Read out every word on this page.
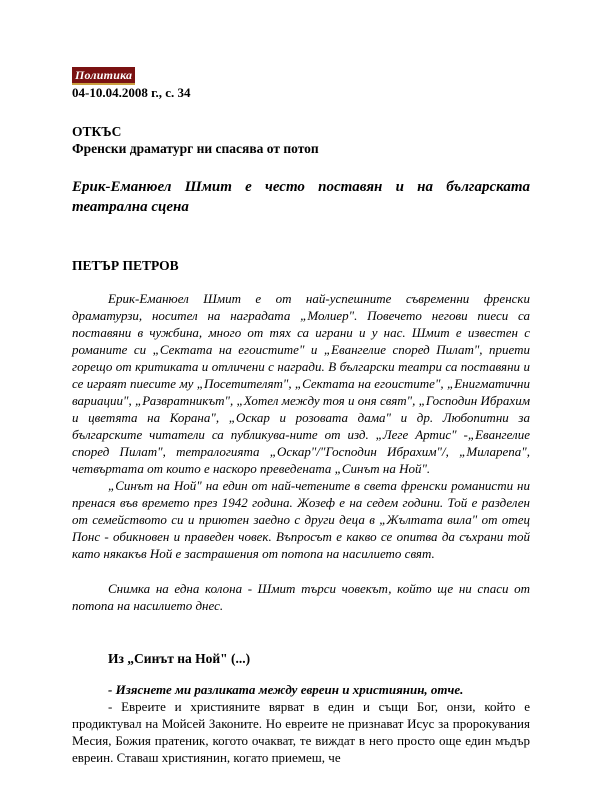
Политика
04-10.04.2008 г., с. 34
ОТКЪС
Френски драматург ни спасява от потоп
Ерик-Еманюел Шмит е често поставян и на българската театрална сцена
ПЕТЪР ПЕТРОВ

Ерик-Еманюел Шмит е от най-успешните съвременни френски драматурзи, носител на наградата „Молиер". Повечето негови пиеси са поставяни в чужбина, много от тях са играни и у нас. Шмит е известен с романите си „Сектата на егоистите" и „Евангелие според Пилат", приети горещо от критиката и отличени с награди. В български театри са поставяни и се играят пиесите му „Посетителят", „Сектата на егоистите", „Енигматични вариации", „Развратникът", „Хотел между тоя и оня свят", „Господин Ибрахим и цветята на Корана", „Оскар и розовата дама" и др. Любопитни за българските читатели са публикува-ните от изд. „Леге Артис" -„Евангелие според Пилат", тетралогията „Оскар"/"Господин Ибрахим"/, „Миларепа", четвъртата от които е наскоро преведената „Синът на Ной".

„Синът на Ной" на един от най-четените в света френски романисти ни пренася във времето през 1942 година. Жозеф е на седем години. Той е разделен от семейството си и приютен заедно с други деца в „Жълтата вила" от отец Понс - обикновен и праведен човек. Въпросът е какво се опитва да съхрани той като някакъв Ной е застрашения от потопа на насилието свят.

Снимка на една колона - Шмит търси човекът, който ще ни спаси от потопа на насилието днес.

Из „Синът на Ной" (...)
- Изяснете ми разликата между евреин и християнин, отче.

- Евреите и християните вярват в един и същи Бог, онзи, който е продиктувал на Мойсей Законите. Но евреите не признават Исус за пророкувания Месия, Божия пратеник, когото очакват, те виждат в него просто още един мъдър евреин. Ставаш християнин, когато приемеш, че
